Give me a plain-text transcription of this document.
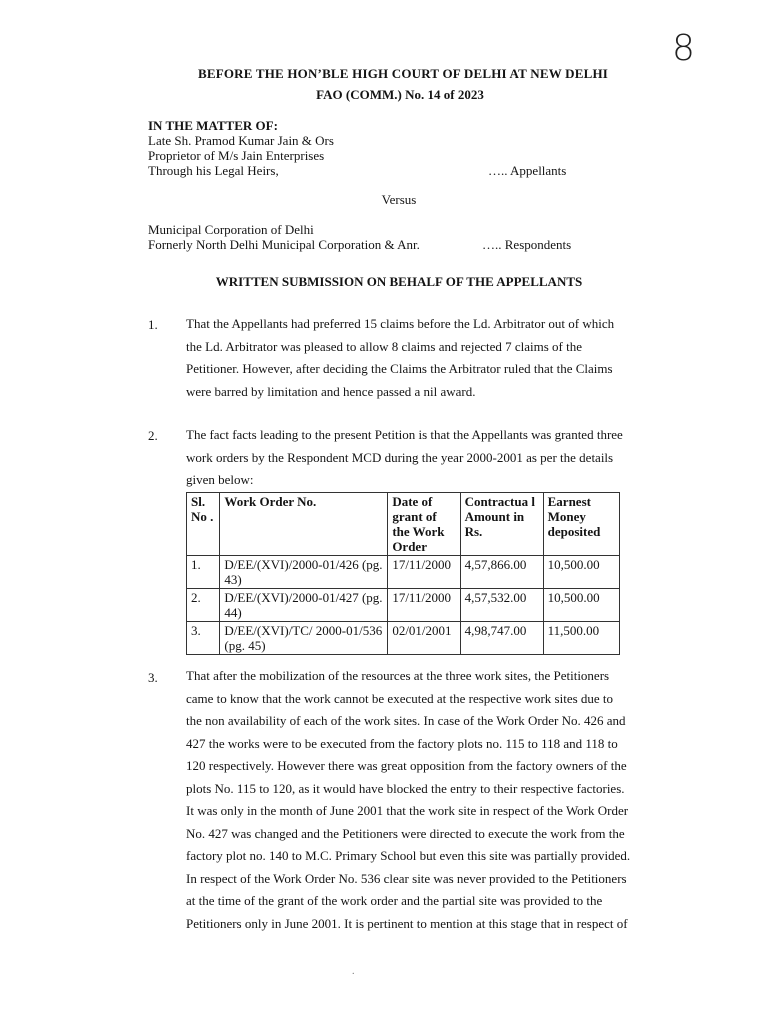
8
BEFORE THE HON’BLE HIGH COURT OF DELHI AT NEW DELHI
FAO (COMM.) No. 14 of 2023
IN THE MATTER OF:
Late Sh. Pramod Kumar Jain & Ors
Proprietor of M/s Jain Enterprises
Through his Legal Heirs,	….. Appellants
Versus
Municipal Corporation of Delhi
Fornerly North Delhi Municipal Corporation & Anr.	….. Respondents
WRITTEN SUBMISSION ON BEHALF OF THE APPELLANTS
1. That the Appellants had preferred 15 claims before the Ld. Arbitrator out of which
the Ld. Arbitrator was pleased to allow 8 claims and rejected 7 claims of the
Petitioner. However, after deciding the Claims the Arbitrator ruled that the Claims
were barred by limitation and hence passed a nil award.
2. The fact facts leading to the present Petition is that the Appellants was granted three
work orders by the Respondent MCD during the year 2000-2001 as per the details
given below:
Sl. No .	Work Order No.	Date of grant of the Work Order	Contractua l Amount in Rs.	Earnest Money deposited
1.	D/EE/(XVI)/2000-01/426 (pg. 43)	17/11/2000	4,57,866.00	10,500.00
2.	D/EE/(XVI)/2000-01/427 (pg. 44)	17/11/2000	4,57,532.00	10,500.00
3.	D/EE/(XVI)/TC/ 2000-01/536 (pg. 45)	02/01/2001	4,98,747.00	11,500.00
3. That after the mobilization of the resources at the three work sites, the Petitioners
came to know that the work cannot be executed at the respective work sites due to
the non availability of each of the work sites. In case of the Work Order No. 426 and
427 the works were to be executed from the factory plots no. 115 to 118 and 118 to
120 respectively. However there was great opposition from the factory owners of the
plots No. 115 to 120, as it would have blocked the entry to their respective factories.
It was only in the month of June 2001 that the work site in respect of the Work Order
No. 427 was changed and the Petitioners were directed to execute the work from the
factory plot no. 140 to M.C. Primary School but even this site was partially provided.
In respect of the Work Order No. 536 clear site was never provided to the Petitioners
at the time of the grant of the work order and the partial site was provided to the
Petitioners only in June 2001. It is pertinent to mention at this stage that in respect of
.
